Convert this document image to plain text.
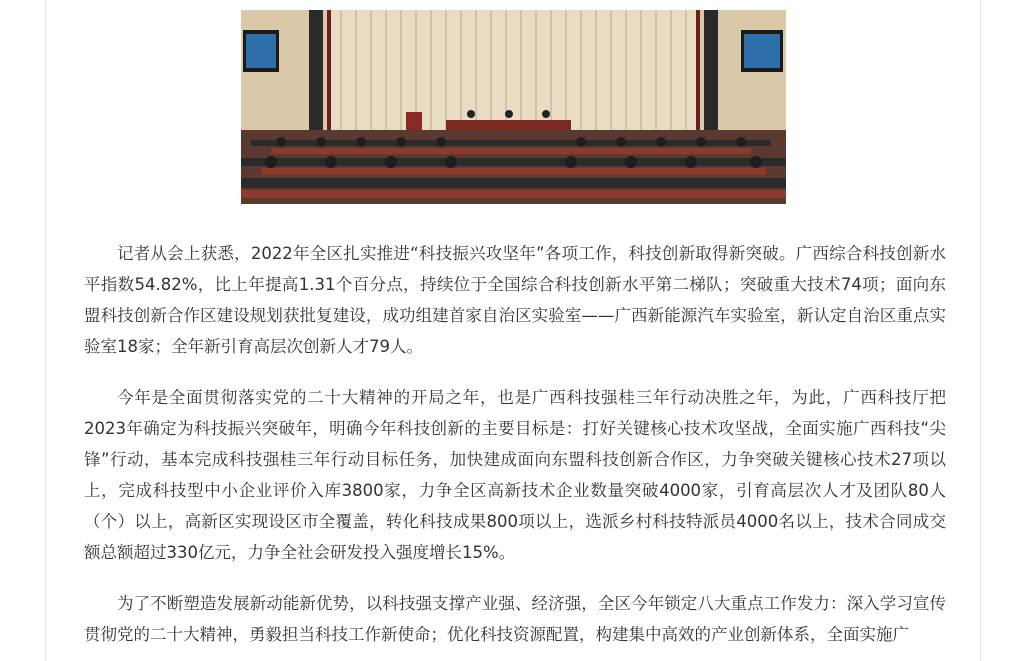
记者从会上获悉，2022年全区扎实推进“科技振兴攻坚年”各项工作，科技创新取得新突破。广西综合科技创新水平指数54.82%，比上年提高1.31个百分点，持续位于全国综合科技创新水平第二梯队；突破重大技术74项；面向东盟科技创新合作区建设规划获批复建设，成功组建首家自治区实验室——广西新能源汽车实验室，新认定自治区重点实验室18家；全年新引育高层次创新人才79人。

今年是全面贯彻落实党的二十大精神的开局之年，也是广西科技强桂三年行动决胜之年，为此，广西科技厅把2023年确定为科技振兴突破年，明确今年科技创新的主要目标是：打好关键核心技术攻坚战，全面实施广西科技“尖锋”行动，基本完成科技强桂三年行动目标任务，加快建成面向东盟科技创新合作区，力争突破关键核心技术27项以上，完成科技型中小企业评价入库3800家，力争全区高新技术企业数量突破4000家，引育高层次人才及团队80人（个）以上，高新区实现设区市全覆盖，转化科技成果800项以上，选派乡村科技特派员4000名以上，技术合同成交额总额超过330亿元，力争全社会研发投入强度增长15%。

为了不断塑造发展新动能新优势，以科技强支撑产业强、经济强，全区今年锁定八大重点工作发力：深入学习宣传贯彻党的二十大精神，勇毅担当科技工作新使命；优化科技资源配置，构建集中高效的产业创新体系，全面实施广
